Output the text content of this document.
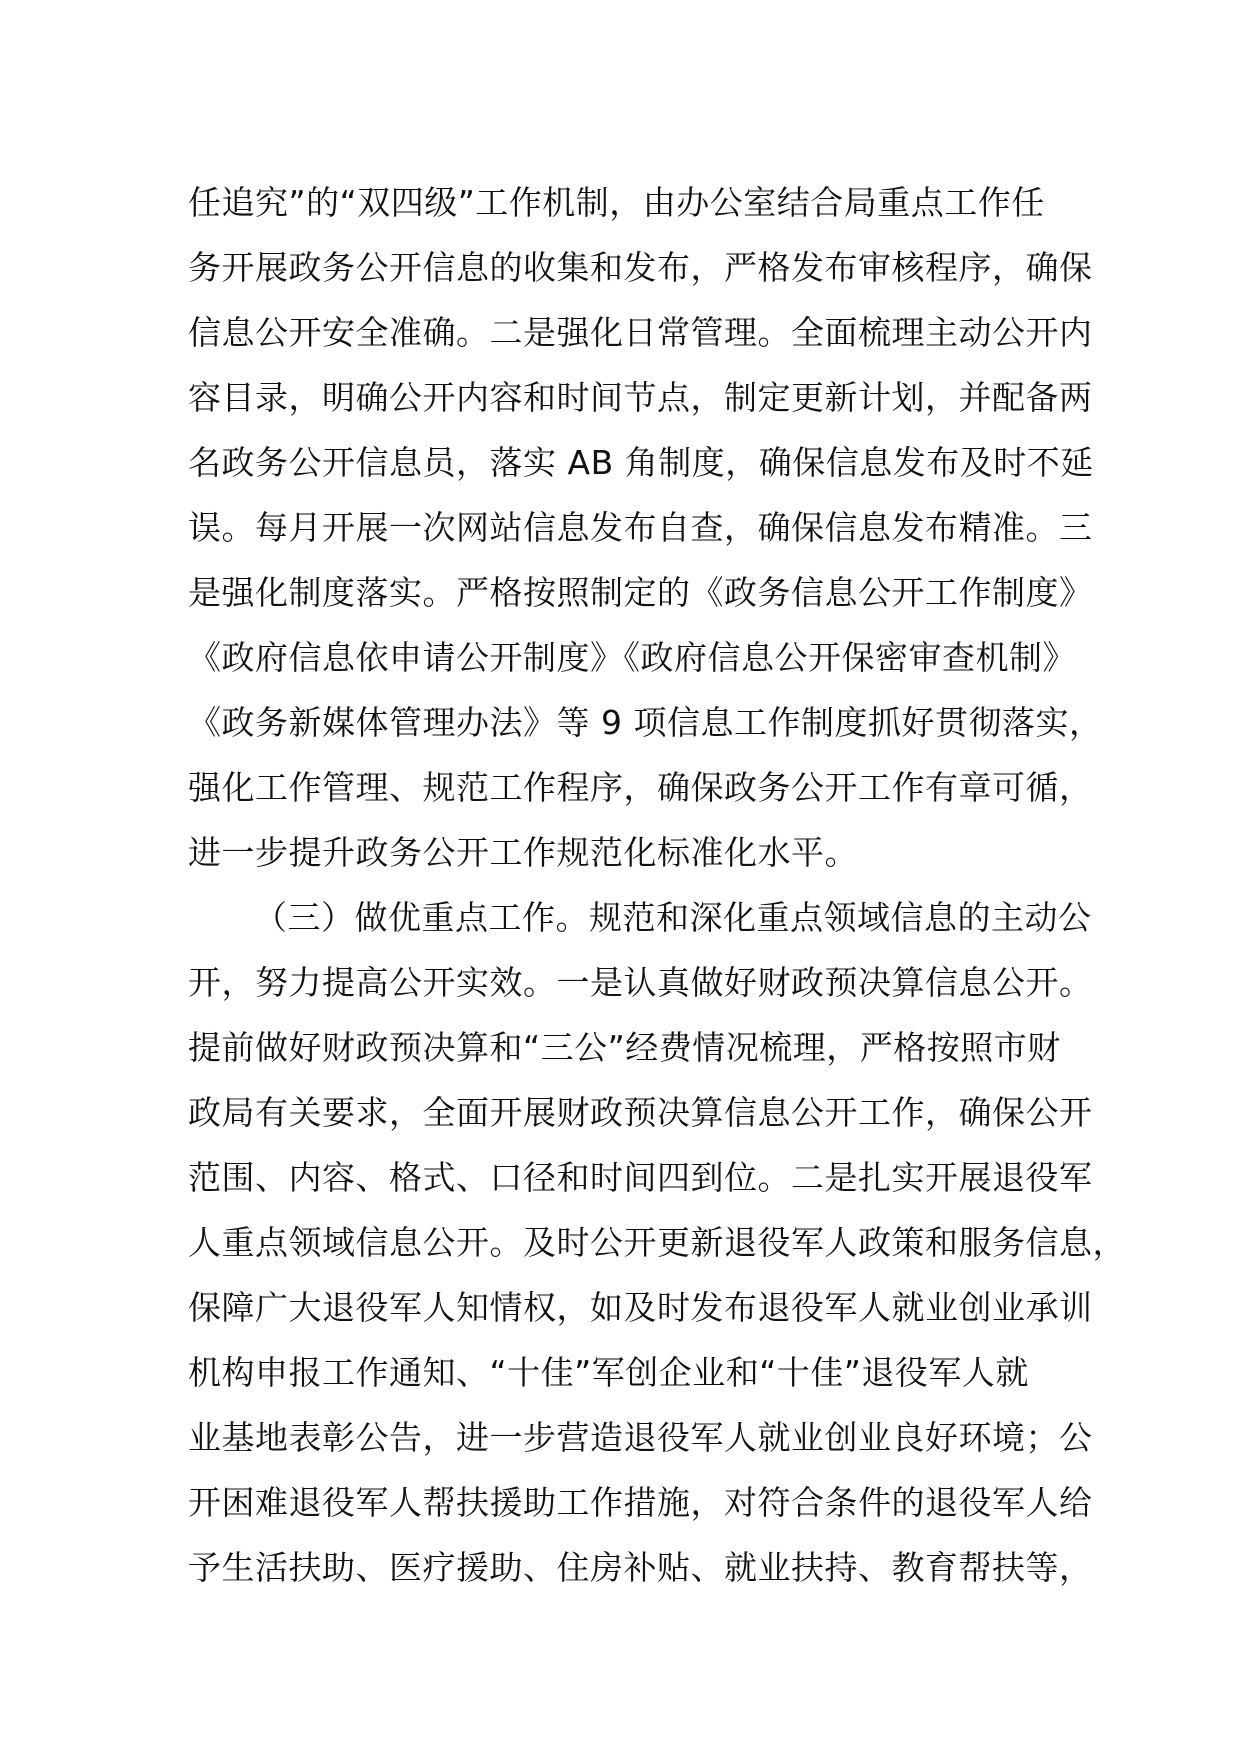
任追究”的“双四级”工作机制，由办公室结合局重点工作任
务开展政务公开信息的收集和发布，严格发布审核程序，确保
信息公开安全准确。二是强化日常管理。全面梳理主动公开内
容目录，明确公开内容和时间节点，制定更新计划，并配备两
名政务公开信息员，落实 AB 角制度，确保信息发布及时不延
误。每月开展一次网站信息发布自查，确保信息发布精准。三
是强化制度落实。严格按照制定的《政务信息公开工作制度》
《政府信息依申请公开制度》《政府信息公开保密审查机制》
《政务新媒体管理办法》等 9 项信息工作制度抓好贯彻落实，
强化工作管理、规范工作程序，确保政务公开工作有章可循，
进一步提升政务公开工作规范化标准化水平。
（三）做优重点工作。规范和深化重点领域信息的主动公
开，努力提高公开实效。一是认真做好财政预决算信息公开。
提前做好财政预决算和“三公”经费情况梳理，严格按照市财
政局有关要求，全面开展财政预决算信息公开工作，确保公开
范围、内容、格式、口径和时间四到位。二是扎实开展退役军
人重点领域信息公开。及时公开更新退役军人政策和服务信息，
保障广大退役军人知情权，如及时发布退役军人就业创业承训
机构申报工作通知、“十佳”军创企业和“十佳”退役军人就
业基地表彰公告，进一步营造退役军人就业创业良好环境；公
开困难退役军人帮扶援助工作措施，对符合条件的退役军人给
予生活扶助、医疗援助、住房补贴、就业扶持、教育帮扶等，
